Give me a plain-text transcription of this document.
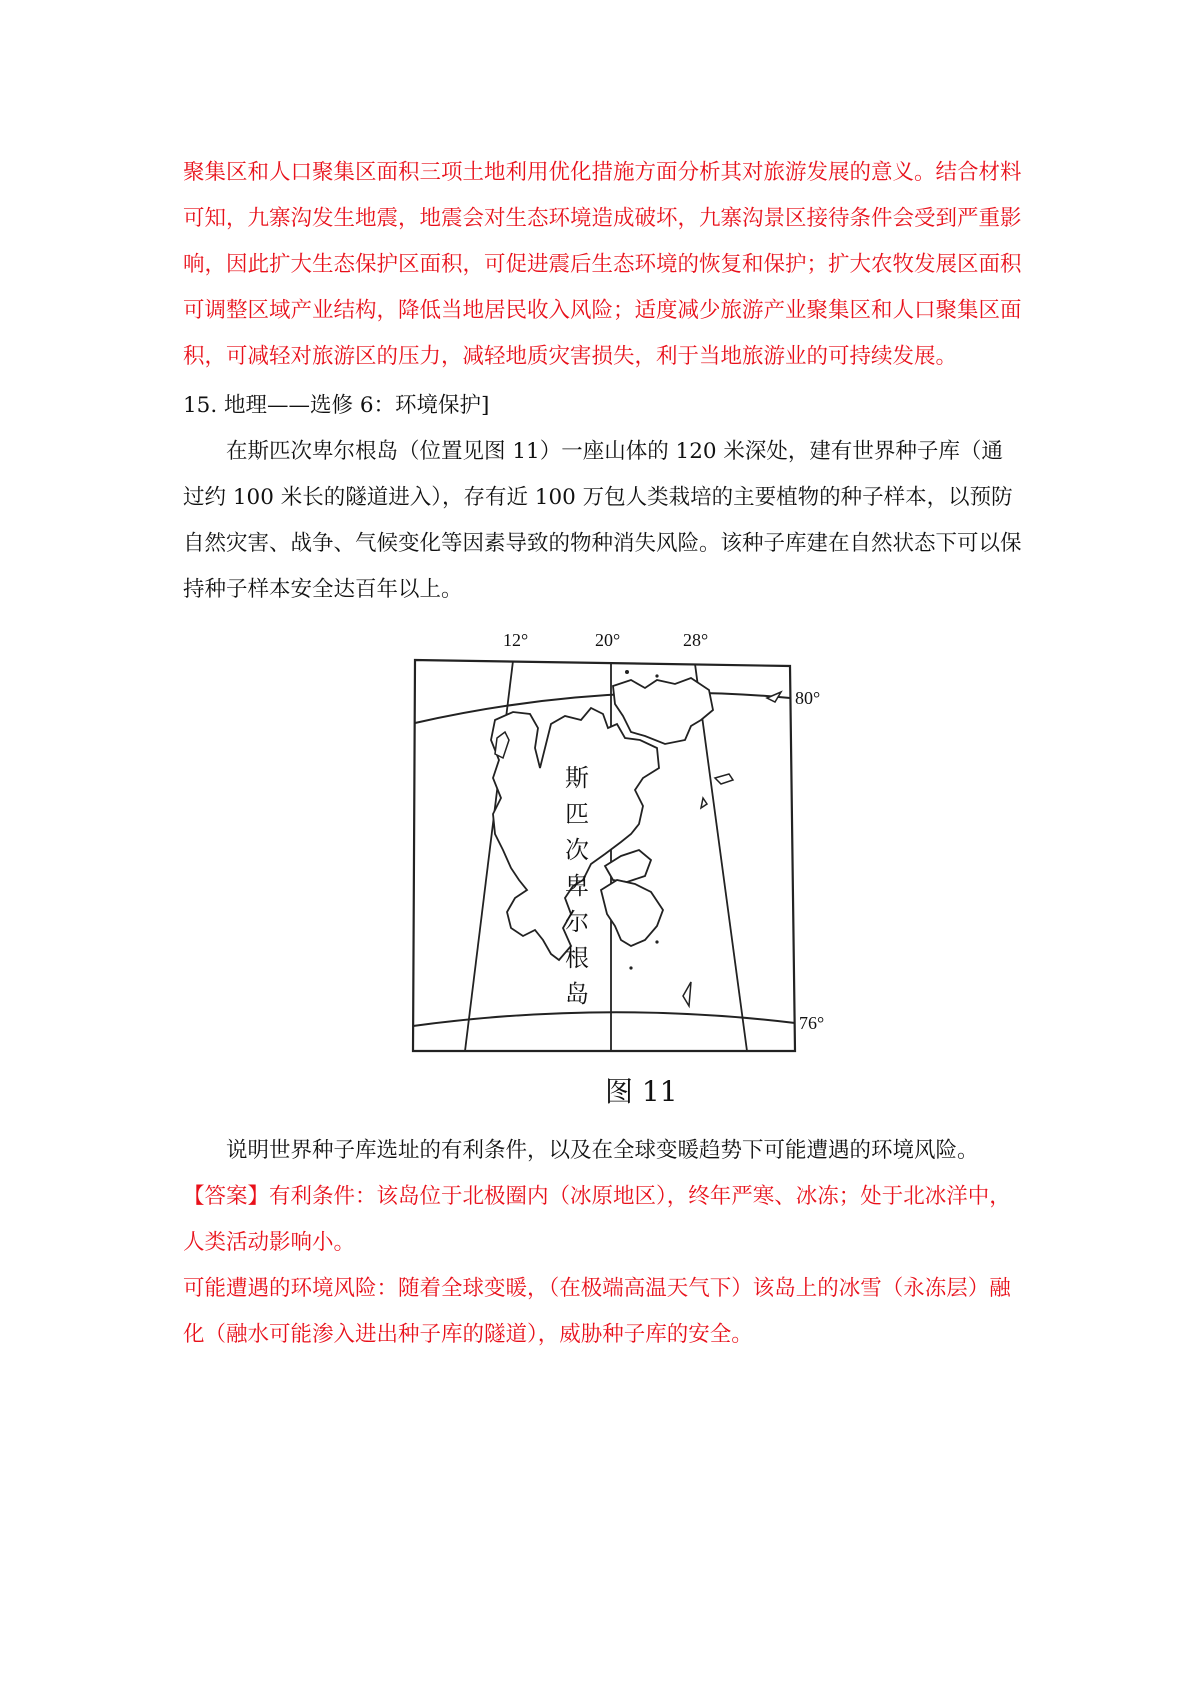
聚集区和人口聚集区面积三项土地利用优化措施方面分析其对旅游发展的意义。结合材料可知，九寨沟发生地震，地震会对生态环境造成破坏，九寨沟景区接待条件会受到严重影响，因此扩大生态保护区面积，可促进震后生态环境的恢复和保护；扩大农牧发展区面积可调整区域产业结构，降低当地居民收入风险；适度减少旅游产业聚集区和人口聚集区面积，可减轻对旅游区的压力，减轻地质灾害损失，利于当地旅游业的可持续发展。
15. 地理——选修 6：环境保护]
在斯匹次卑尔根岛（位置见图 11）一座山体的 120 米深处，建有世界种子库（通过约 100 米长的隧道进入），存有近 100 万包人类栽培的主要植物的种子样本，以预防自然灾害、战争、气候变化等因素导致的物种消失风险。该种子库建在自然状态下可以保持种子样本安全达百年以上。
12°	20°	28°
80°
76°
斯
匹
次
卑
尔
根
岛
图 11
说明世界种子库选址的有利条件，以及在全球变暖趋势下可能遭遇的环境风险。
【答案】有利条件：该岛位于北极圈内（冰原地区），终年严寒、冰冻；处于北冰洋中，人类活动影响小。
可能遭遇的环境风险：随着全球变暖，（在极端高温天气下）该岛上的冰雪（永冻层）融化（融水可能渗入进出种子库的隧道），威胁种子库的安全。
